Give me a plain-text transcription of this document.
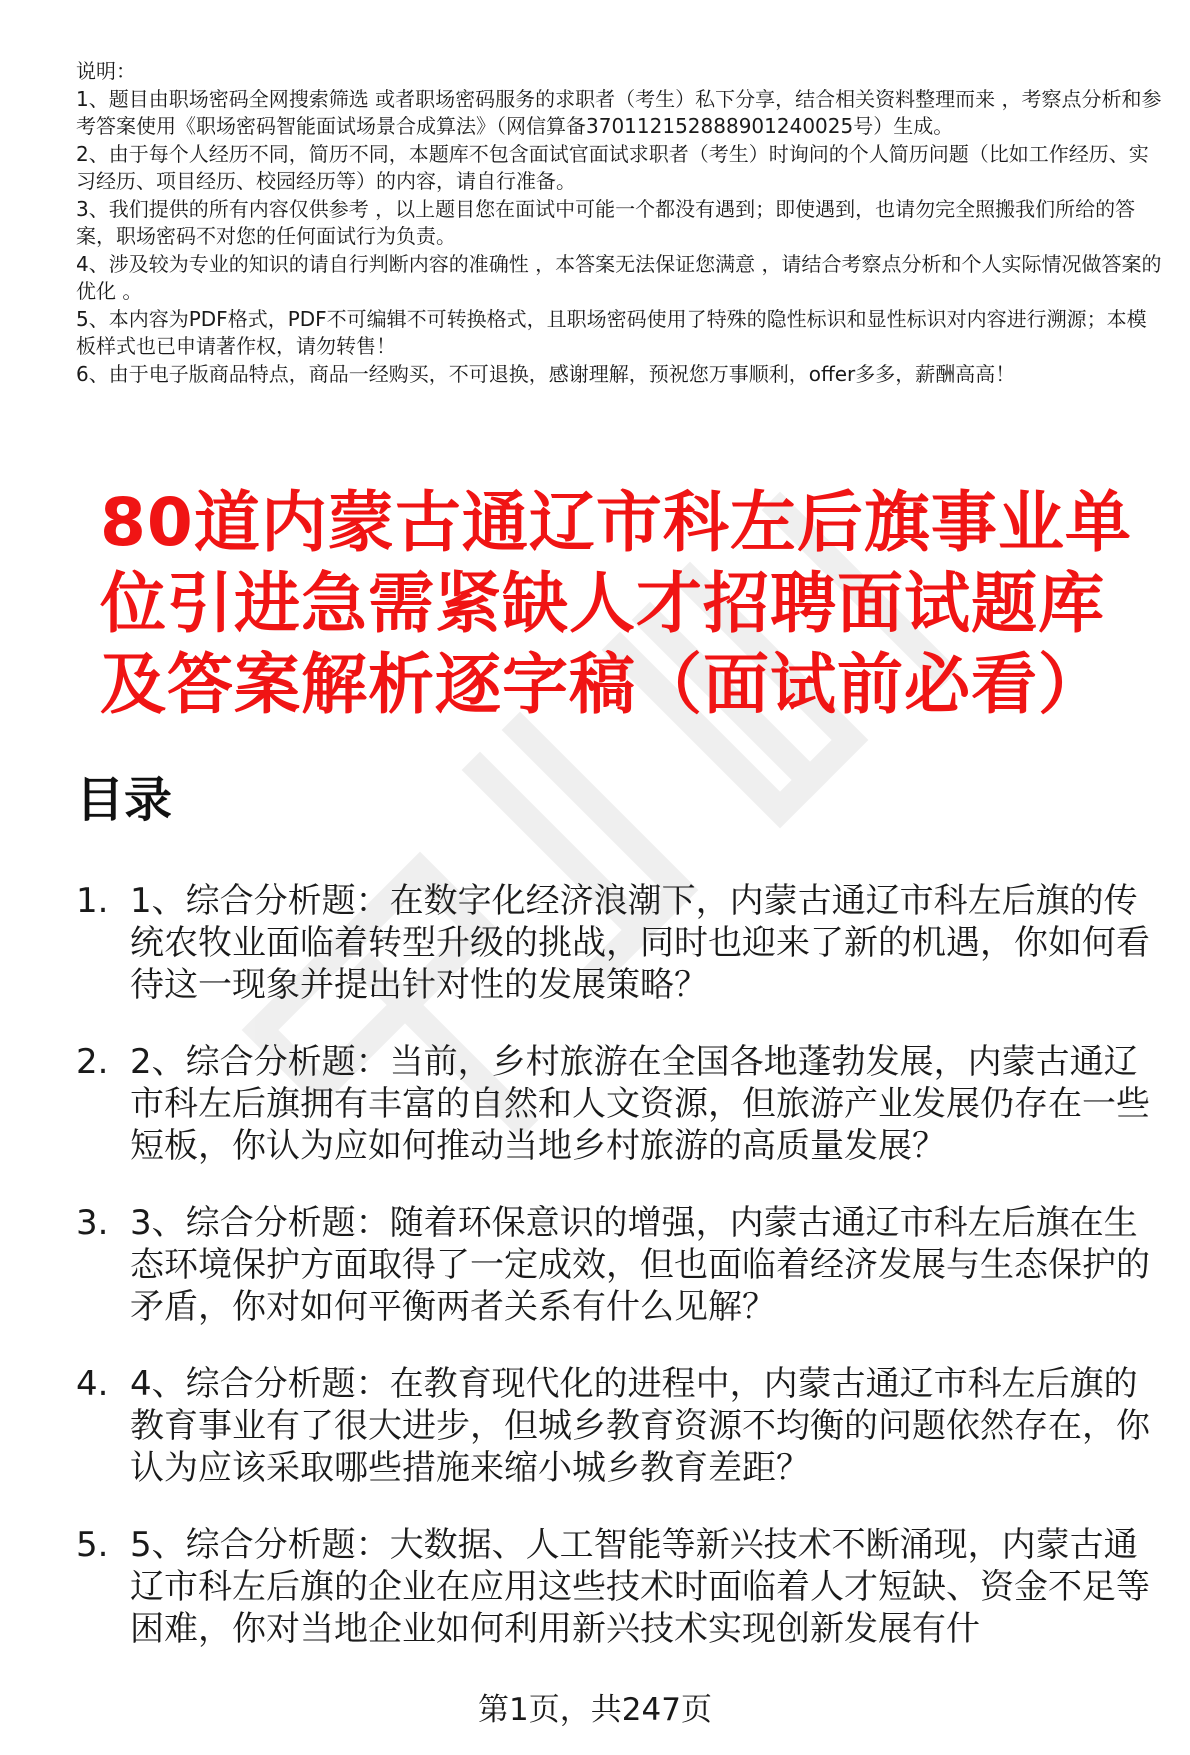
说明：

1、题目由职场密码全网搜索筛选 或者职场密码服务的求职者（考生）私下分享，结合相关资料整理而来 ，考察点分析和参考答案使用《职场密码智能面试场景合成算法》（网信算备370112152888901240025号）生成。

2、由于每个人经历不同，简历不同，本题库不包含面试官面试求职者（考生）时询问的个人简历问题（比如工作经历、实习经历、项目经历、校园经历等）的内容，请自行准备。

3、我们提供的所有内容仅供参考 ，以上题目您在面试中可能一个都没有遇到；即使遇到，也请勿完全照搬我们所给的答案，职场密码不对您的任何面试行为负责。

4、涉及较为专业的知识的请自行判断内容的准确性 ，本答案无法保证您满意 ，请结合考察点分析和个人实际情况做答案的优化 。

5、本内容为PDF格式，PDF不可编辑不可转换格式，且职场密码使用了特殊的隐性标识和显性标识对内容进行溯源；本模板样式也已申请著作权，请勿转售！

6、由于电子版商品特点，商品一经购买，不可退换，感谢理解，预祝您万事顺利，offer多多，薪酬高高！

80道内蒙古通辽市科左后旗事业单位引进急需紧缺人才招聘面试题库及答案解析逐字稿（面试前必看）
目录
1. 1、综合分析题：在数字化经济浪潮下，内蒙古通辽市科左后旗的传统农牧业面临着转型升级的挑战，同时也迎来了新的机遇，你如何看待这一现象并提出针对性的发展策略？
2. 2、综合分析题：当前，乡村旅游在全国各地蓬勃发展，内蒙古通辽市科左后旗拥有丰富的自然和人文资源，但旅游产业发展仍存在一些短板，你认为应如何推动当地乡村旅游的高质量发展？
3. 3、综合分析题：随着环保意识的增强，内蒙古通辽市科左后旗在生态环境保护方面取得了一定成效，但也面临着经济发展与生态保护的矛盾，你对如何平衡两者关系有什么见解？
4. 4、综合分析题：在教育现代化的进程中，内蒙古通辽市科左后旗的教育事业有了很大进步，但城乡教育资源不均衡的问题依然存在，你认为应该采取哪些措施来缩小城乡教育差距？
5. 5、综合分析题：大数据、人工智能等新兴技术不断涌现，内蒙古通辽市科左后旗的企业在应用这些技术时面临着人才短缺、资金不足等困难，你对当地企业如何利用新兴技术实现创新发展有什
第1页，共247页
